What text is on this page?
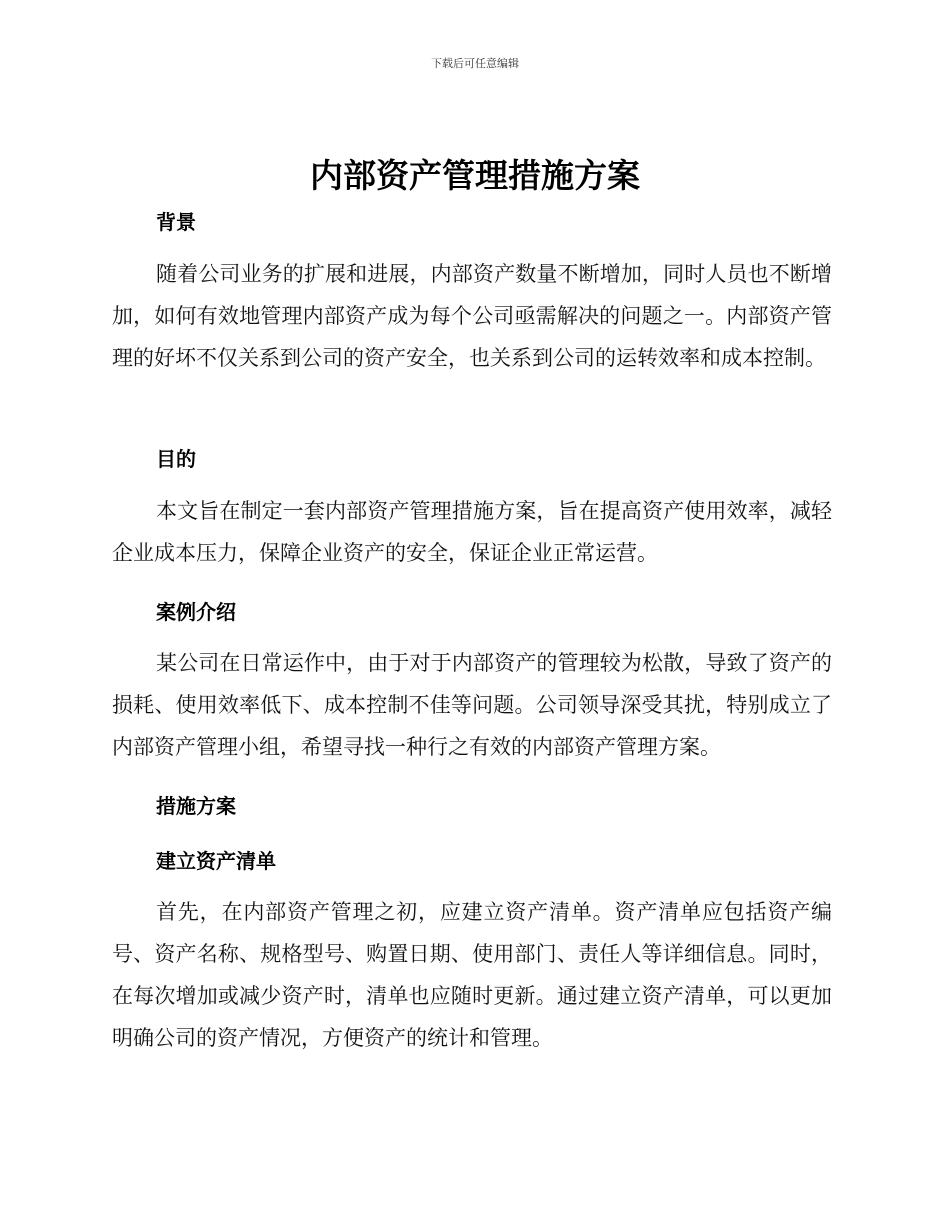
下载后可任意编辑
内部资产管理措施方案
背景

随着公司业务的扩展和进展，内部资产数量不断增加，同时人员也不断增加，如何有效地管理内部资产成为每个公司亟需解决的问题之一。内部资产管理的好坏不仅关系到公司的资产安全，也关系到公司的运转效率和成本控制。

目的

本文旨在制定一套内部资产管理措施方案，旨在提高资产使用效率，减轻企业成本压力，保障企业资产的安全，保证企业正常运营。

案例介绍

某公司在日常运作中，由于对于内部资产的管理较为松散，导致了资产的损耗、使用效率低下、成本控制不佳等问题。公司领导深受其扰，特别成立了内部资产管理小组，希望寻找一种行之有效的内部资产管理方案。

措施方案
建立资产清单

首先，在内部资产管理之初，应建立资产清单。资产清单应包括资产编号、资产名称、规格型号、购置日期、使用部门、责任人等详细信息。同时，在每次增加或减少资产时，清单也应随时更新。通过建立资产清单，可以更加明确公司的资产情况，方便资产的统计和管理。
